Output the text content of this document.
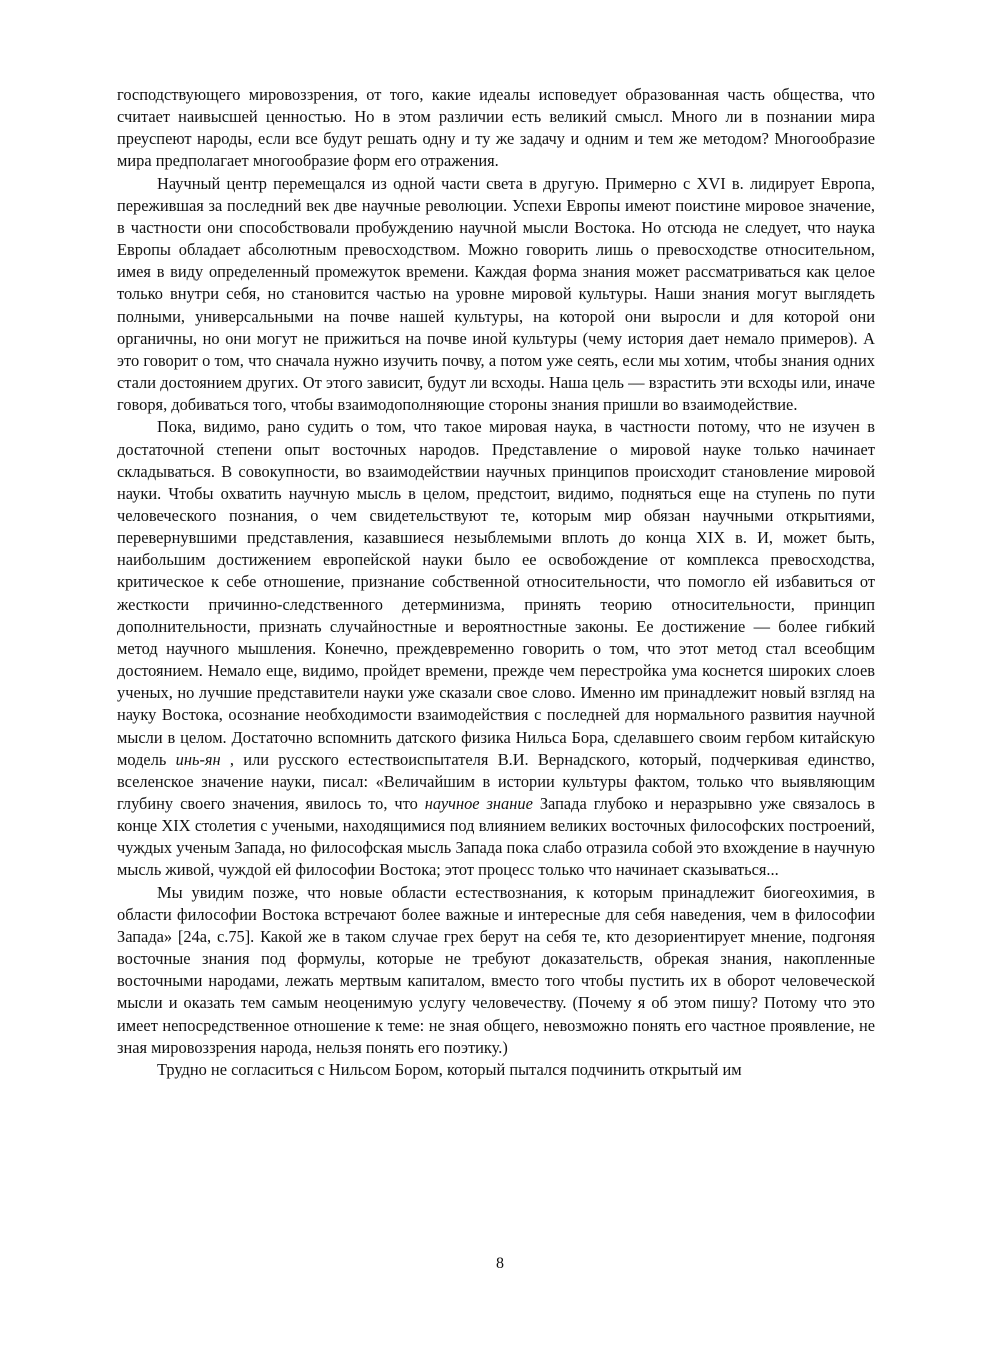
господствующего мировоззрения, от того, какие идеалы исповедует образованная часть общества, что считает наивысшей ценностью. Но в этом различии есть великий смысл. Много ли в познании мира преуспеют народы, если все будут решать одну и ту же задачу и одним и тем же методом? Многообразие мира предполагает многообразие форм его отражения.

Научный центр перемещался из одной части света в другую. Примерно с XVI в. лидирует Европа, пережившая за последний век две научные революции. Успехи Европы имеют поистине мировое значение, в частности они способствовали пробуждению научной мысли Востока. Но отсюда не следует, что наука Европы обладает абсолютным превосходством. Можно говорить лишь о превосходстве относительном, имея в виду определенный промежуток времени. Каждая форма знания может рассматриваться как целое только внутри себя, но становится частью на уровне мировой культуры. Наши знания могут выглядеть полными, универсальными на почве нашей культуры, на которой они выросли и для которой они органичны, но они могут не прижиться на почве иной культуры (чему история дает немало примеров). А это говорит о том, что сначала нужно изучить почву, а потом уже сеять, если мы хотим, чтобы знания одних стали достоянием других. От этого зависит, будут ли всходы. Наша цель — взрастить эти всходы или, иначе говоря, добиваться того, чтобы взаимодополняющие стороны знания пришли во взаимодействие.

Пока, видимо, рано судить о том, что такое мировая наука, в частности потому, что не изучен в достаточной степени опыт восточных народов. Представление о мировой науке только начинает складываться. В совокупности, во взаимодействии научных принципов происходит становление мировой науки. Чтобы охватить научную мысль в целом, предстоит, видимо, подняться еще на ступень по пути человеческого познания, о чем свидетельствуют те, которым мир обязан научными открытиями, перевернувшими представления, казавшиеся незыблемыми вплоть до конца XIX в. И, может быть, наибольшим достижением европейской науки было ее освобождение от комплекса превосходства, критическое к себе отношение, признание собственной относительности, что помогло ей избавиться от жесткости причинно-следственного детерминизма, принять теорию относительности, принцип дополнительности, признать случайностные и вероятностные законы. Ее достижение — более гибкий метод научного мышления. Конечно, преждевременно говорить о том, что этот метод стал всеобщим достоянием. Немало еще, видимо, пройдет времени, прежде чем перестройка ума коснется широких слоев ученых, но лучшие представители науки уже сказали свое слово. Именно им принадлежит новый взгляд на науку Востока, осознание необходимости взаимодействия с последней для нормального развития научной мысли в целом. Достаточно вспомнить датского физика Нильса Бора, сделавшего своим гербом китайскую модель инь-ян , или русского естествоиспытателя В.И. Вернадского, который, подчеркивая единство, вселенское значение науки, писал: «Величайшим в истории культуры фактом, только что выявляющим глубину своего значения, явилось то, что научное знание Запада глубоко и неразрывно уже связалось в конце XIX столетия с учеными, находящимися под влиянием великих восточных философских построений, чуждых ученым Запада, но философская мысль Запада пока слабо отразила собой это вхождение в научную мысль живой, чуждой ей философии Востока; этот процесс только что начинает сказываться...

Мы увидим позже, что новые области естествознания, к которым принадлежит биогеохимия, в области философии Востока встречают более важные и интересные для себя наведения, чем в философии Запада» [24а, с.75]. Какой же в таком случае грех берут на себя те, кто дезориентирует мнение, подгоняя восточные знания под формулы, которые не требуют доказательств, обрекая знания, накопленные восточными народами, лежать мертвым капиталом, вместо того чтобы пустить их в оборот человеческой мысли и оказать тем самым неоценимую услугу человечеству. (Почему я об этом пишу? Потому что это имеет непосредственное отношение к теме: не зная общего, невозможно понять его частное проявление, не зная мировоззрения народа, нельзя понять его поэтику.)

Трудно не согласиться с Нильсом Бором, который пытался подчинить открытый им

8
